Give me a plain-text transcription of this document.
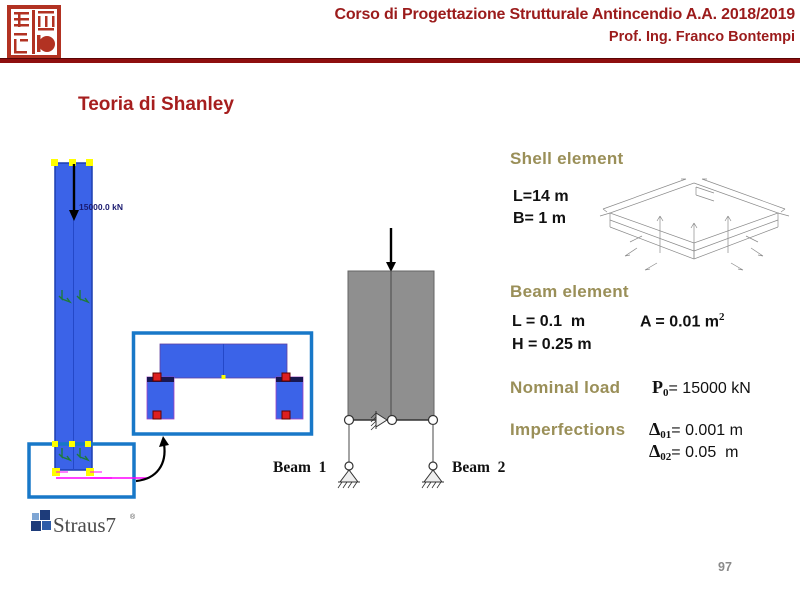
Corso di Progettazione Strutturale Antincendio A.A. 2018/2019
Prof. Ing. Franco Bontempi
Teoria di Shanley
15000.0 kN
Straus7 ®
Beam  1	Beam  2
Shell element
L=14 m
B= 1 m
Beam element
L = 0.1  m
H = 0.25 m
A = 0.01 $m^2$
Nominal load P0= 15000 kN
Imperfections Δ01= 0.001 m
Δ02= 0.05  m
97
